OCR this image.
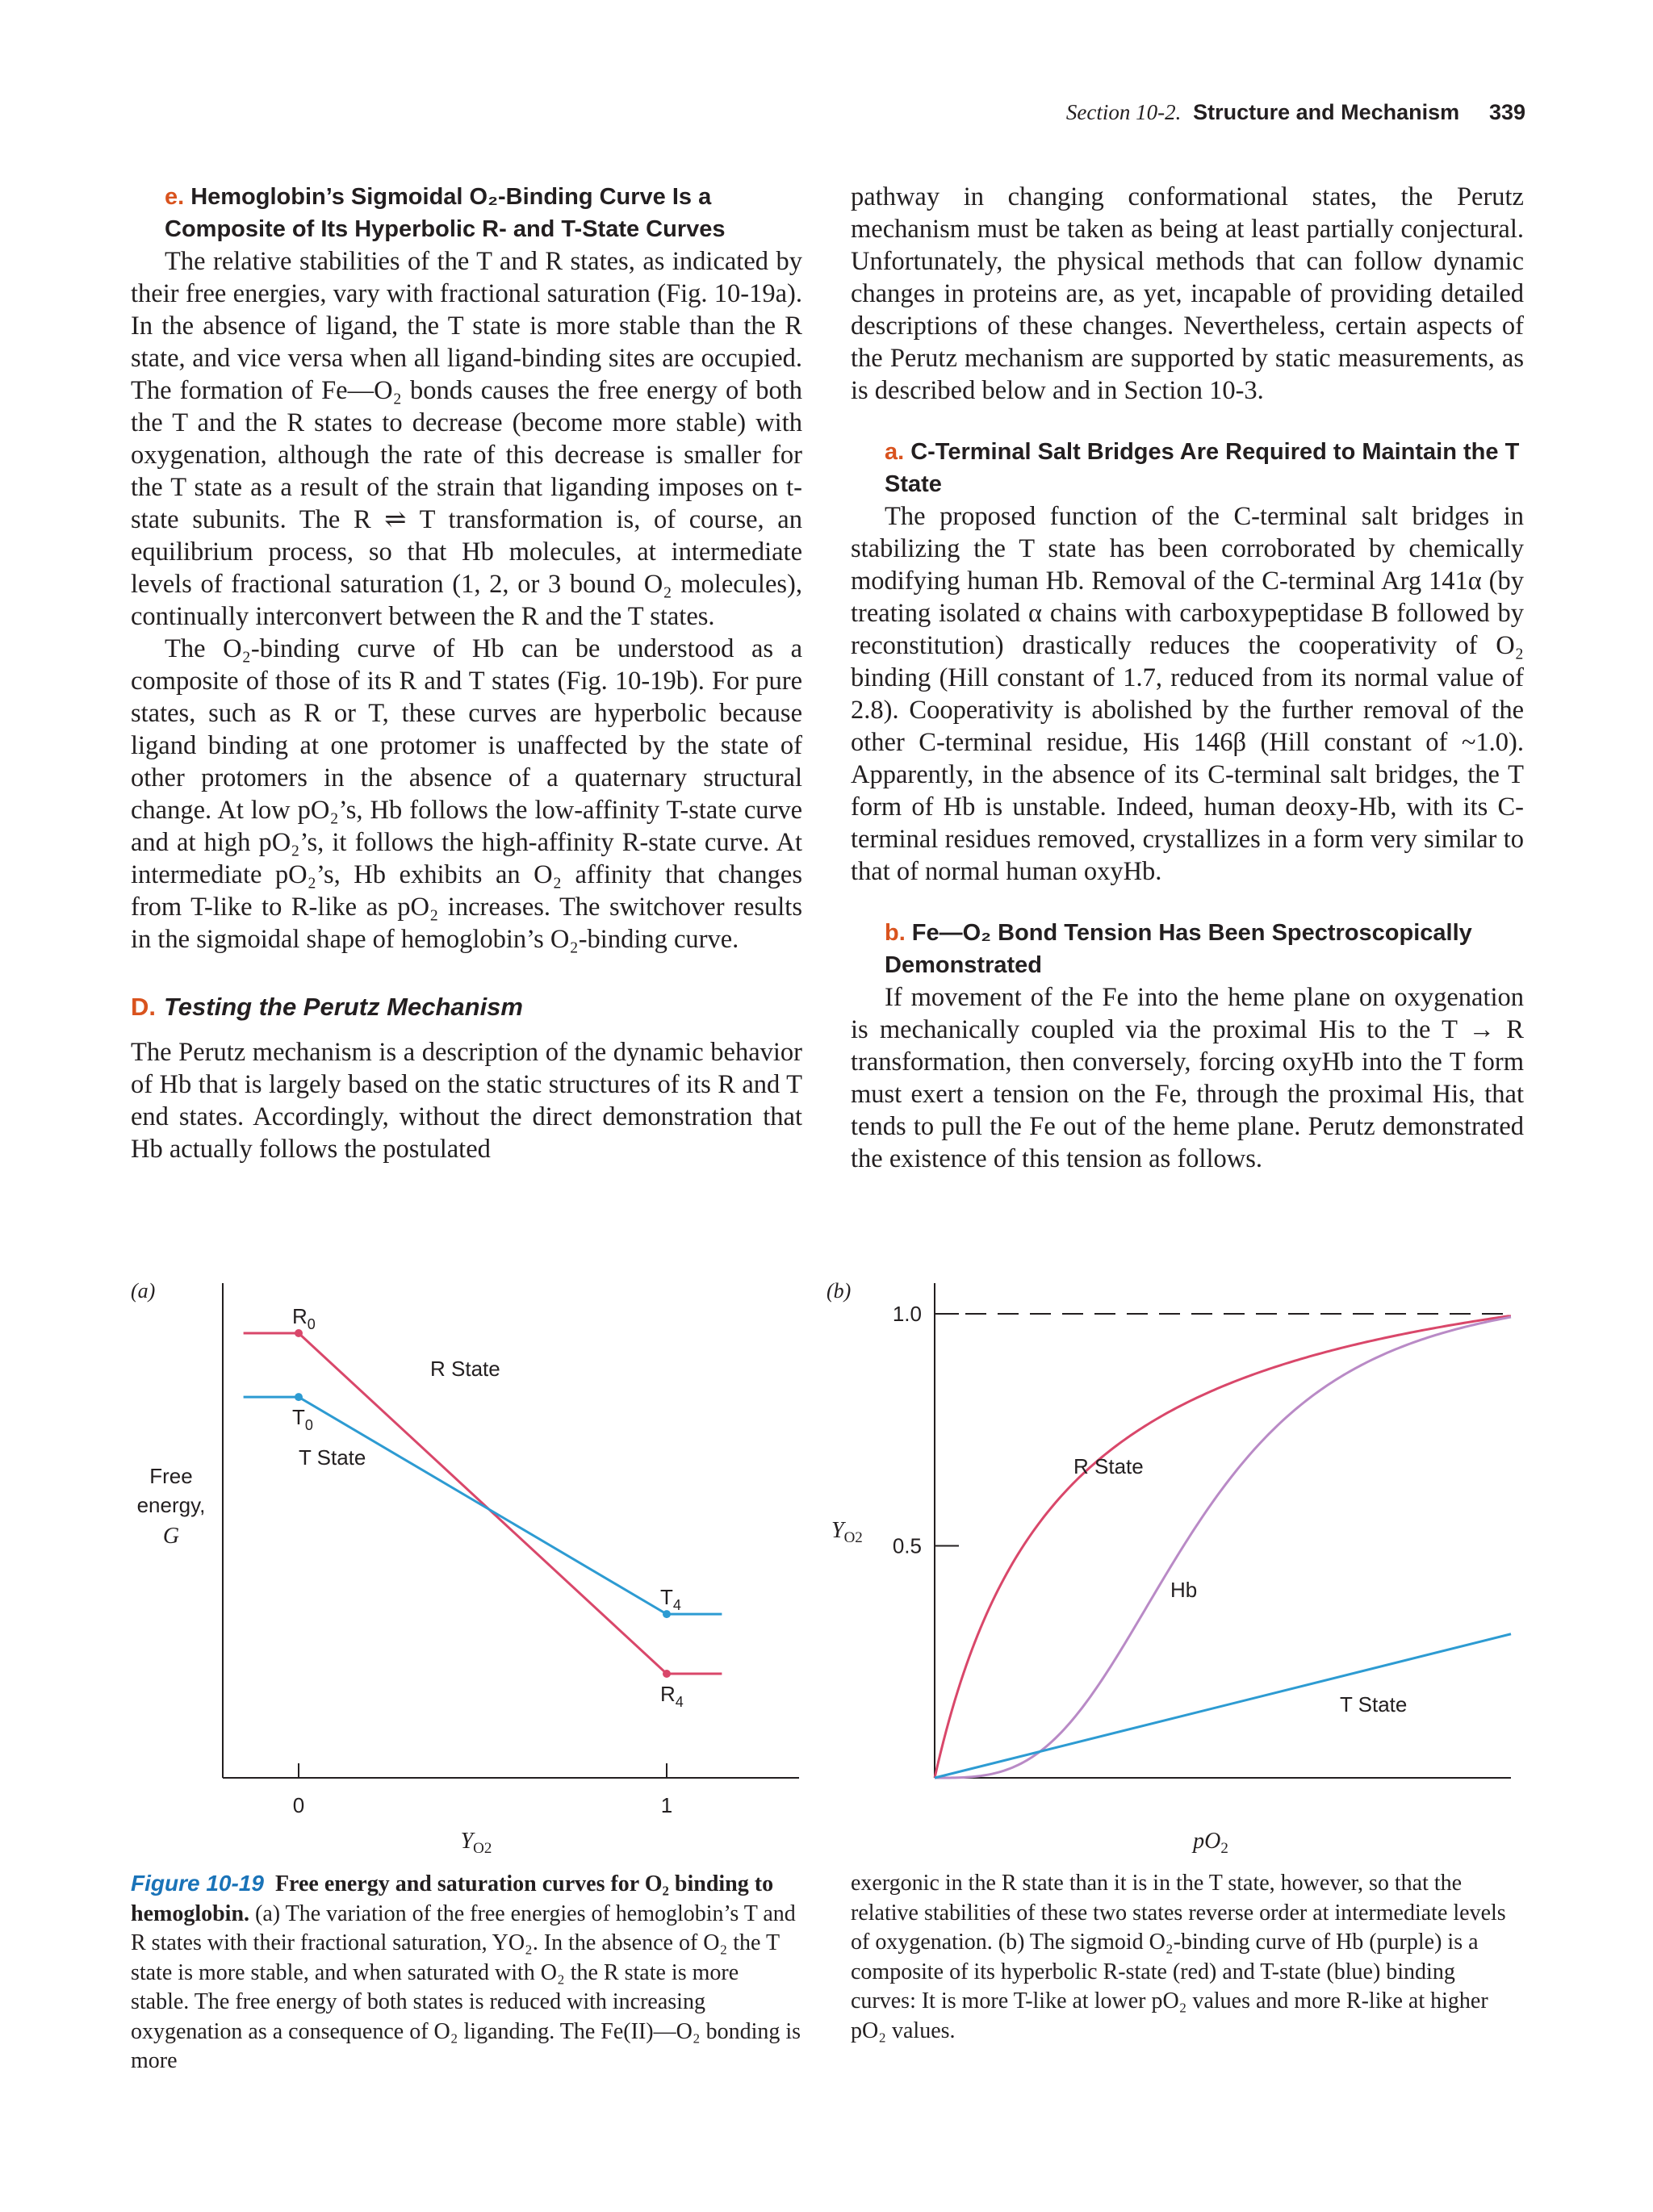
Section 10-2. Structure and Mechanism 339
e. Hemoglobin’s Sigmoidal O₂-Binding Curve Is a Composite of Its Hyperbolic R- and T-State Curves

The relative stabilities of the T and R states, as indicated by their free energies, vary with fractional saturation (Fig. 10-19a). In the absence of ligand, the T state is more stable than the R state, and vice versa when all ligand-binding sites are occupied. The formation of Fe—O₂ bonds causes the free energy of both the T and the R states to decrease (become more stable) with oxygenation, although the rate of this decrease is smaller for the T state as a result of the strain that liganding imposes on t-state subunits. The R ⇌ T transformation is, of course, an equilibrium process, so that Hb molecules, at intermediate levels of fractional saturation (1, 2, or 3 bound O₂ molecules), continually interconvert between the R and the T states.

The O₂-binding curve of Hb can be understood as a composite of those of its R and T states (Fig. 10-19b). For pure states, such as R or T, these curves are hyperbolic because ligand binding at one protomer is unaffected by the state of other protomers in the absence of a quaternary structural change. At low pO₂’s, Hb follows the low-affinity T-state curve and at high pO₂’s, it follows the high-affinity R-state curve. At intermediate pO₂’s, Hb exhibits an O₂ affinity that changes from T-like to R-like as pO₂ increases. The switchover results in the sigmoidal shape of hemoglobin’s O₂-binding curve.

D. Testing the Perutz Mechanism

The Perutz mechanism is a description of the dynamic behavior of Hb that is largely based on the static structures of its R and T end states. Accordingly, without the direct demonstration that Hb actually follows the postulated

pathway in changing conformational states, the Perutz mechanism must be taken as being at least partially conjectural. Unfortunately, the physical methods that can follow dynamic changes in proteins are, as yet, incapable of providing detailed descriptions of these changes. Nevertheless, certain aspects of the Perutz mechanism are supported by static measurements, as is described below and in Section 10-3.

a. C-Terminal Salt Bridges Are Required to Maintain the T State

The proposed function of the C-terminal salt bridges in stabilizing the T state has been corroborated by chemically modifying human Hb. Removal of the C-terminal Arg 141α (by treating isolated α chains with carboxypeptidase B followed by reconstitution) drastically reduces the cooperativity of O₂ binding (Hill constant of 1.7, reduced from its normal value of 2.8). Cooperativity is abolished by the further removal of the other C-terminal residue, His 146β (Hill constant of ~1.0). Apparently, in the absence of its C-terminal salt bridges, the T form of Hb is unstable. Indeed, human deoxy-Hb, with its C-terminal residues removed, crystallizes in a form very similar to that of normal human oxyHb.

b. Fe—O₂ Bond Tension Has Been Spectroscopically Demonstrated

If movement of the Fe into the heme plane on oxygenation is mechanically coupled via the proximal His to the T → R transformation, then conversely, forcing oxyHb into the T form must exert a tension on the Fe, through the proximal His, that tends to pull the Fe out of the heme plane. Perutz demonstrated the existence of this tension as follows.

(a)
Free
energy,
G
0	1
$R_0$
$R_4$
$T_0$
$T_4$
R State
T State
$Y_{O2}$
(b)
0.5
1.0
$Y_{O2}$
R State
Hb
T State
$pO_2$

Figure 10-19 Free energy and saturation curves for O₂ binding to hemoglobin. (a) The variation of the free energies of hemoglobin’s T and R states with their fractional saturation, YO₂. In the absence of O₂ the T state is more stable, and when saturated with O₂ the R state is more stable. The free energy of both states is reduced with increasing oxygenation as a consequence of O₂ liganding. The Fe(II)—O₂ bonding is more

exergonic in the R state than it is in the T state, however, so that the relative stabilities of these two states reverse order at intermediate levels of oxygenation. (b) The sigmoid O₂-binding curve of Hb (purple) is a composite of its hyperbolic R-state (red) and T-state (blue) binding curves: It is more T-like at lower pO₂ values and more R-like at higher pO₂ values.
